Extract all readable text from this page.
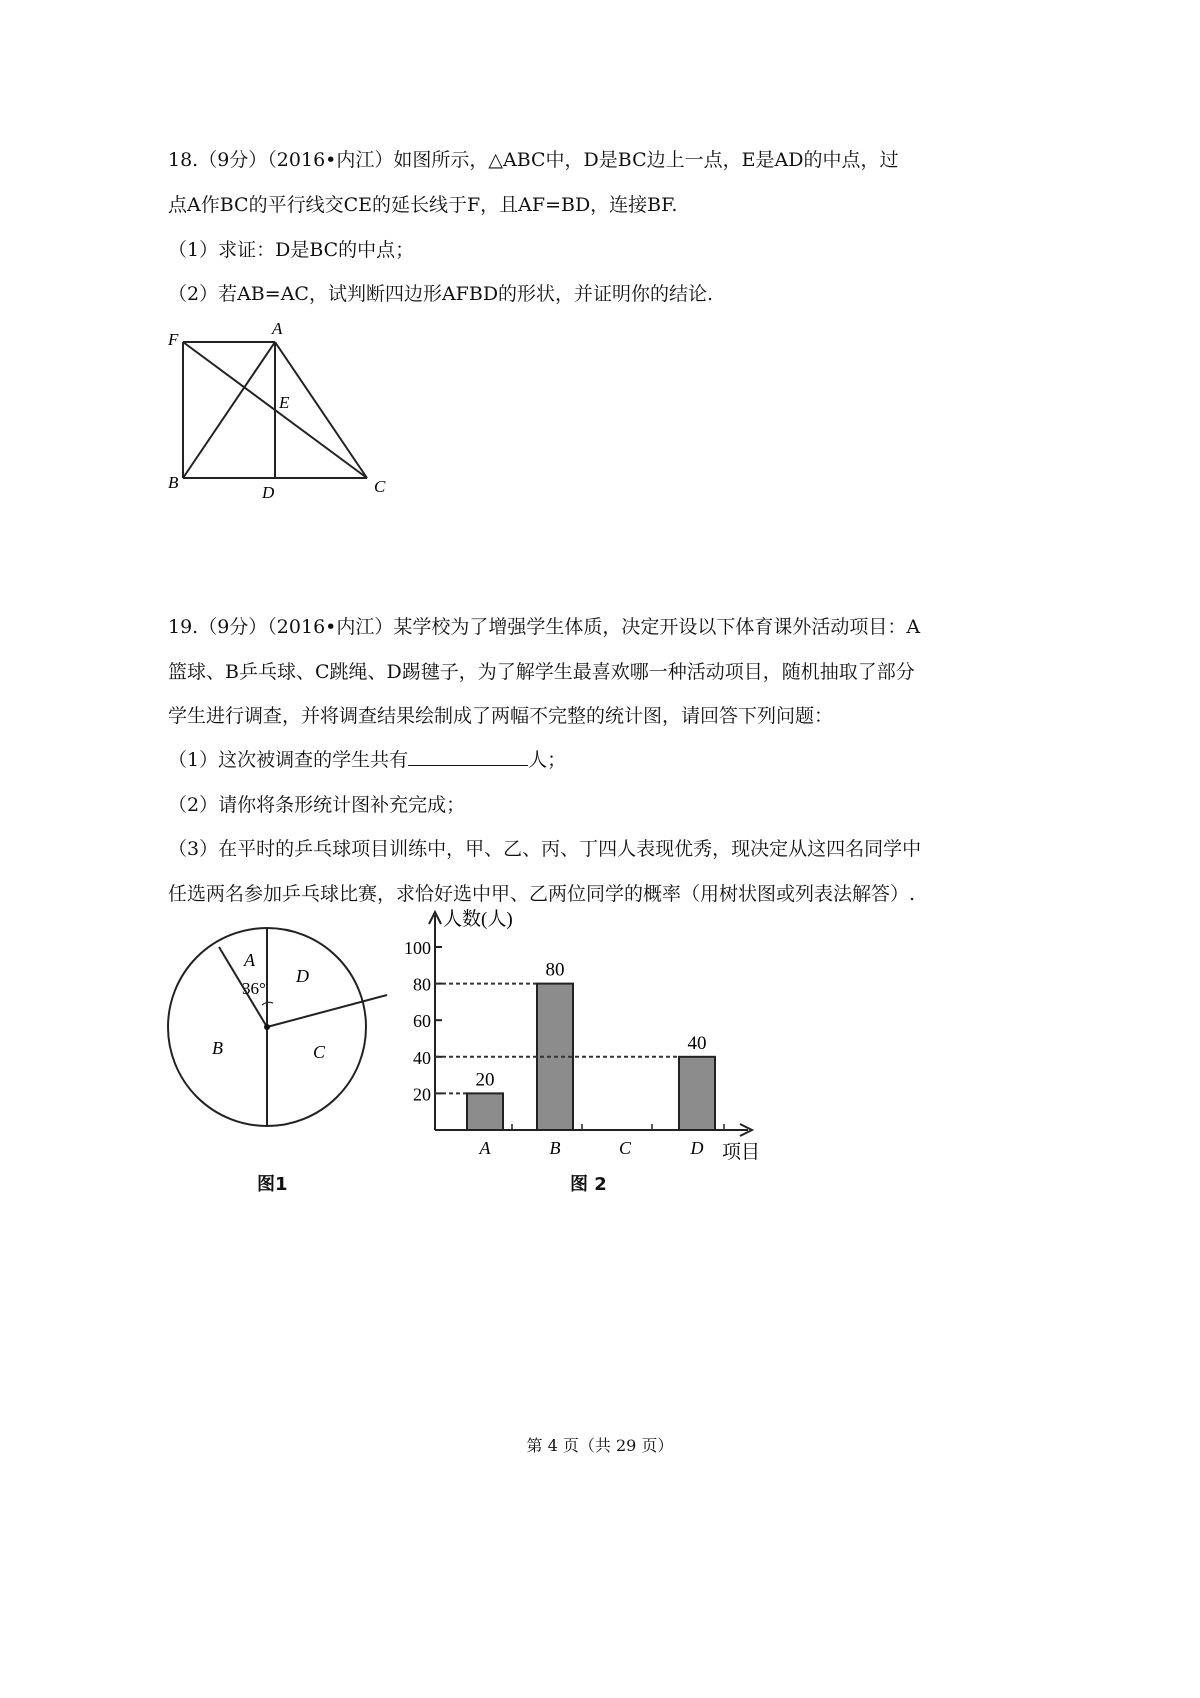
18.（9分）（2016•内江）如图所示，△ABC中，D是BC边上一点，E是AD的中点，过
点A作BC的平行线交CE的延长线于F，且AF=BD，连接BF.
（1）求证：D是BC的中点；
（2）若AB=AC，试判断四边形AFBD的形状，并证明你的结论.
F
A
E
B
D	C
A
B	C
D
36°
人数(人)
项目
20
40
60
80
100
A
20
B
80
C	D
40
19.（9分）（2016•内江）某学校为了增强学生体质，决定开设以下体育课外活动项目：A
篮球、B乒乓球、C跳绳、D踢毽子，为了解学生最喜欢哪一种活动项目，随机抽取了部分
学生进行调查，并将调查结果绘制成了两幅不完整的统计图，请回答下列问题：
（1）这次被调查的学生共有	人；
（2）请你将条形统计图补充完成；
（3）在平时的乒乓球项目训练中，甲、乙、丙、丁四人表现优秀，现决定从这四名同学中
任选两名参加乒乓球比赛，求恰好选中甲、乙两位同学的概率（用树状图或列表法解答）.
图1	图 2
第 4 页（共 29 页）
